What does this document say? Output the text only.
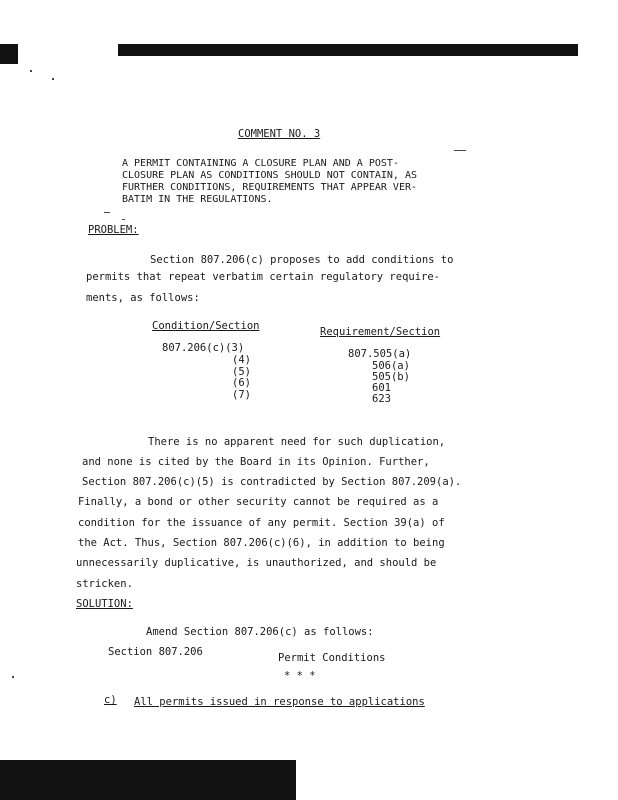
COMMENT NO. 3
A PERMIT CONTAINING A CLOSURE PLAN AND A POST-
CLOSURE PLAN AS CONDITIONS SHOULD NOT CONTAIN, AS
FURTHER CONDITIONS, REQUIREMENTS THAT APPEAR VER-
BATIM IN THE REGULATIONS.
PROBLEM:
Section 807.206(c) proposes to add conditions to
permits that repeat verbatim certain regulatory require-
ments, as follows:
Condition/Section	Requirement/Section
807.206(c)(3)
(4)
(5)
(6)
(7)
807.505(a)
506(a)
505(b)
601
623
There is no apparent need for such duplication,
and none is cited by the Board in its Opinion. Further,
Section 807.206(c)(5) is contradicted by Section 807.209(a).
Finally, a bond or other security cannot be required as a
condition for the issuance of any permit. Section 39(a) of
the Act. Thus, Section 807.206(c)(6), in addition to being
unnecessarily duplicative, is unauthorized, and should be
stricken.
SOLUTION:
Amend Section 807.206(c) as follows:
Section 807.206	Permit Conditions
* * *
c) All permits issued in response to applications
